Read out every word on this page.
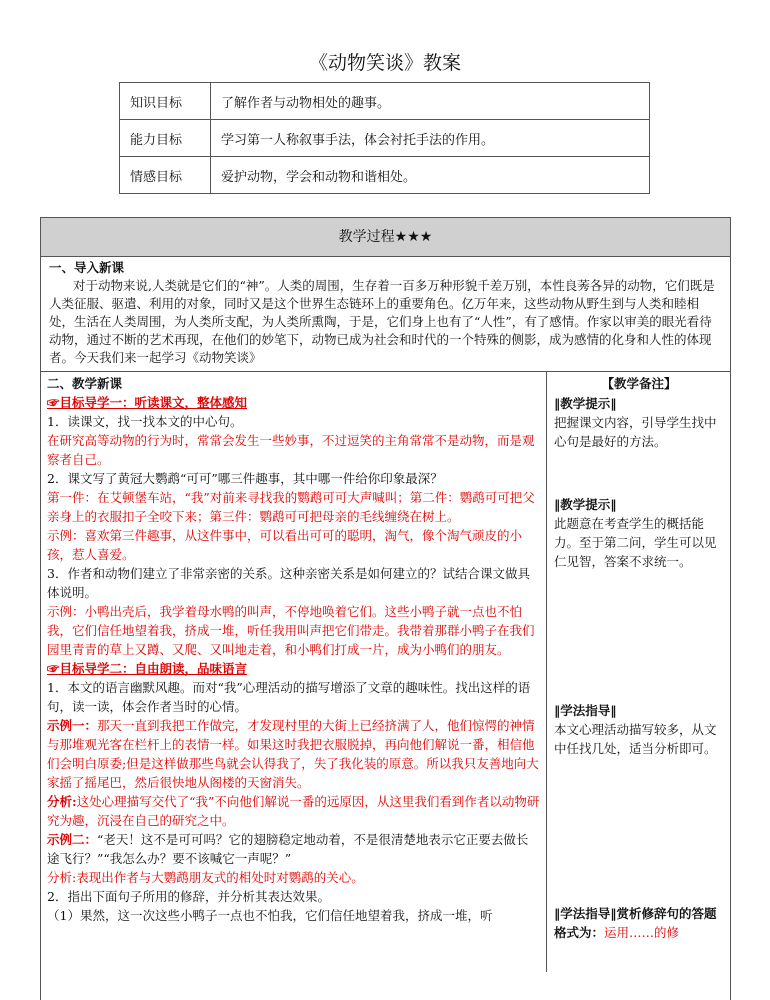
《动物笑谈》教案
知识目标	了解作者与动物相处的趣事。
能力目标	学习第一人称叙事手法，体会衬托手法的作用。
情感目标	爱护动物，学会和动物和谐相处。
教学过程★★★
一、导入新课

对于动物来说,人类就是它们的“神”。人类的周围，生存着一百多万种形貌千差万别，本性良莠各异的动物，它们既是人类征服、驱遣、利用的对象，同时又是这个世界生态链环上的重要角色。亿万年来，这些动物从野生到与人类和睦相处，生活在人类周围，为人类所支配，为人类所熏陶，于是，它们身上也有了“人性”，有了感情。作家以审美的眼光看待动物，通过不断的艺术再现，在他们的妙笔下，动物已成为社会和时代的一个特殊的侧影，成为感情的化身和人性的体现者。今天我们来一起学习《动物笑谈》

二、教学新课
☞目标导学一：听读课文，整体感知
1．读课文，找一找本文的中心句。
在研究高等动物的行为时，常常会发生一些妙事，不过逗笑的主角常常不是动物，而是观察者自己。
2．课文写了黄冠大鹦鹉“可可”哪三件趣事，其中哪一件给你印象最深？
第一件：在艾顿堡车站，“我”对前来寻找我的鹦鹉可可大声喊叫；第二件：鹦鹉可可把父亲身上的衣服扣子全咬下来；第三件：鹦鹉可可把母亲的毛线缠绕在树上。
示例：喜欢第三件趣事，从这件事中，可以看出可可的聪明，淘气，像个淘气顽皮的小孩，惹人喜爱。
3．作者和动物们建立了非常亲密的关系。这种亲密关系是如何建立的？试结合课文做具体说明。
示例：小鸭出壳后，我学着母水鸭的叫声，不停地唤着它们。这些小鸭子就一点也不怕我，它们信任地望着我，挤成一堆，听任我用叫声把它们带走。我带着那群小鸭子在我们园里青青的草上又蹲、又爬、又叫地走着，和小鸭们打成一片，成为小鸭们的朋友。
☞目标导学二：自由朗读，品味语言
1．本文的语言幽默风趣。而对“我”心理活动的描写增添了文章的趣味性。找出这样的语句，读一读，体会作者当时的心情。
示例一：那天一直到我把工作做完，才发现村里的大街上已经挤满了人，他们惊愕的神情与那堆观光客在栏杆上的表情一样。如果这时我把衣服脱掉，再向他们解说一番，相信他们会明白原委;但是这样做那些鸟就会认得我了，失了我化装的原意。所以我只友善地向大家摇了摇尾巴，然后很快地从阁楼的天窗消失。
分析:这处心理描写交代了“我”不向他们解说一番的远原因，从这里我们看到作者以动物研究为趣，沉浸在自己的研究之中。
示例二：“老天！这不是可可吗？它的翅膀稳定地动着，不是很清楚地表示它正要去做长途飞行？”“我怎么办？要不该喊它一声呢？”
分析:表现出作者与大鹦鹉朋友式的相处时对鹦鹉的关心。
2．指出下面句子所用的修辞，并分析其表达效果。
（1）果然，这一次这些小鸭子一点也不怕我，它们信任地望着我，挤成一堆，听
【教学备注】
‖教学提示‖
把握课文内容，引导学生找中心句是最好的方法。
‖教学提示‖
此题意在考查学生的概括能力。至于第二问，学生可以见仁见智，答案不求统一。
‖学法指导‖
本文心理活动描写较多，从文中任找几处，适当分析即可。
‖学法指导‖赏析修辞句的答题格式为：运用……的修
